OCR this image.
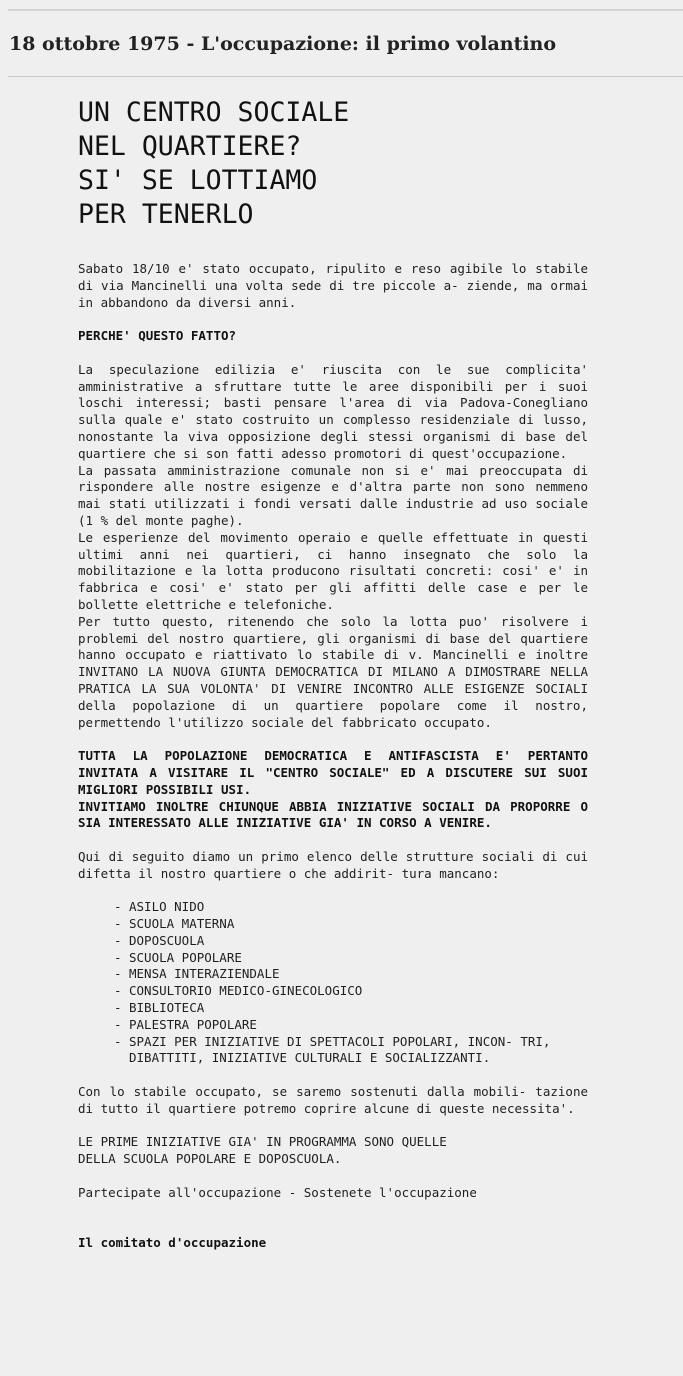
18 ottobre 1975 - L'occupazione: il primo volantino
UN CENTRO SOCIALE
NEL QUARTIERE?
SI' SE LOTTIAMO
PER TENERLO

Sabato 18/10 e' stato occupato, ripulito e reso agibile lo stabile di via Mancinelli una volta sede di tre piccole a- ziende, ma ormai in abbandono da diversi anni.

PERCHE' QUESTO FATTO?

La speculazione edilizia e' riuscita con le sue complicita' amministrative a sfruttare tutte le aree disponibili per i suoi loschi interessi; basti pensare l'area di via Padova-Conegliano sulla quale e' stato costruito un complesso residenziale di lusso, nonostante la viva opposizione degli stessi organismi di base del quartiere che si son fatti adesso promotori di quest'occupazione.
La passata amministrazione comunale non si e' mai preoccupata di rispondere alle nostre esigenze e d'altra parte non sono nemmeno mai stati utilizzati i fondi versati dalle industrie ad uso sociale (1 % del monte paghe).
Le esperienze del movimento operaio e quelle effettuate in questi ultimi anni nei quartieri, ci hanno insegnato che solo la mobilitazione e la lotta producono risultati concreti: cosi' e' in fabbrica e cosi' e' stato per gli affitti delle case e per le bollette elettriche e telefoniche.
Per tutto questo, ritenendo che solo la lotta puo' risolvere i problemi del nostro quartiere, gli organismi di base del quartiere hanno occupato e riattivato lo stabile di v. Mancinelli e inoltre INVITANO LA NUOVA GIUNTA DEMOCRATICA DI MILANO A DIMOSTRARE NELLA PRATICA LA SUA VOLONTA' DI VENIRE INCONTRO ALLE ESIGENZE SOCIALI della popolazione di un quartiere popolare come il nostro, permettendo l'utilizzo sociale del fabbricato occupato.

TUTTA LA POPOLAZIONE DEMOCRATICA E ANTIFASCISTA E' PERTANTO INVITATA A VISITARE IL "CENTRO SOCIALE" ED A DISCUTERE SUI SUOI MIGLIORI POSSIBILI USI.
INVITIAMO INOLTRE CHIUNQUE ABBIA INIZIATIVE SOCIALI DA PROPORRE O SIA INTERESSATO ALLE INIZIATIVE GIA' IN CORSO A VENIRE.

Qui di seguito diamo un primo elenco delle strutture sociali di cui difetta il nostro quartiere o che addirit- tura mancano:

- ASILO NIDO
- SCUOLA MATERNA
- DOPOSCUOLA
- SCUOLA POPOLARE
- MENSA INTERAZIENDALE
- CONSULTORIO MEDICO-GINECOLOGICO
- BIBLIOTECA
- PALESTRA POPOLARE
- SPAZI PER INIZIATIVE DI SPETTACOLI POPOLARI, INCON- TRI, DIBATTITI, INIZIATIVE CULTURALI E SOCIALIZZANTI.

Con lo stabile occupato, se saremo sostenuti dalla mobili- tazione di tutto il quartiere potremo coprire alcune di queste necessita'.

LE PRIME INIZIATIVE GIA' IN PROGRAMMA SONO QUELLE
DELLA SCUOLA POPOLARE E DOPOSCUOLA.

Partecipate all'occupazione - Sostenete l'occupazione

Il comitato d'occupazione
